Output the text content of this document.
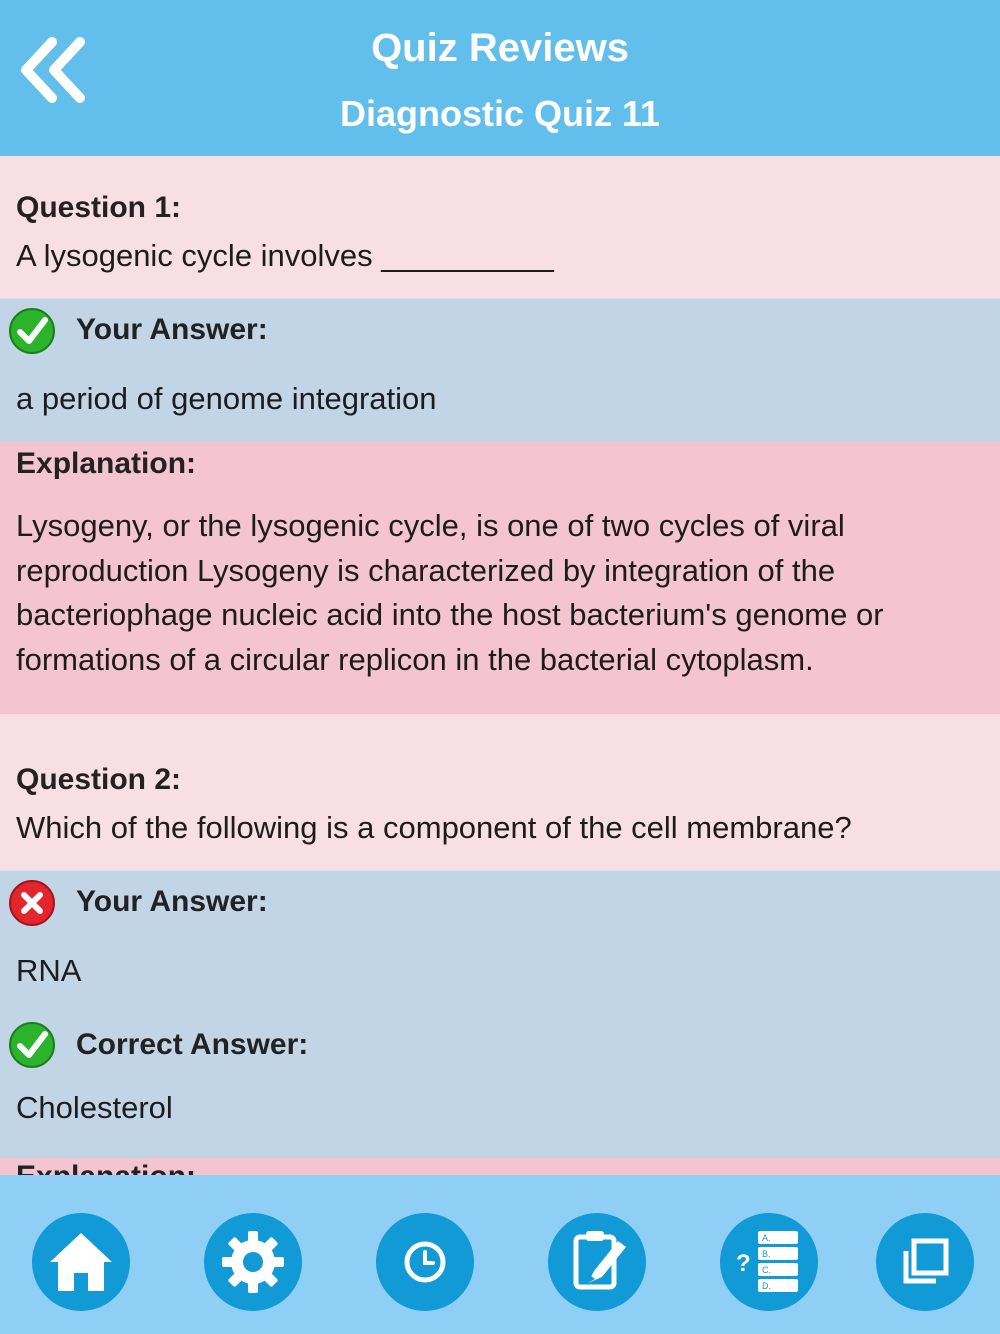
Quiz Reviews
Diagnostic Quiz 11
Question 1:
A lysogenic cycle involves __________
Your Answer:
a period of genome integration
Explanation:
Lysogeny, or the lysogenic cycle, is one of two cycles of viral reproduction Lysogeny is characterized by integration of the bacteriophage nucleic acid into the host bacterium's genome or formations of a circular replicon in the bacterial cytoplasm.
Question 2:
Which of the following is a component of the cell membrane?
Your Answer:
RNA
Correct Answer:
Cholesterol
A.
B.
C.
D.
?
